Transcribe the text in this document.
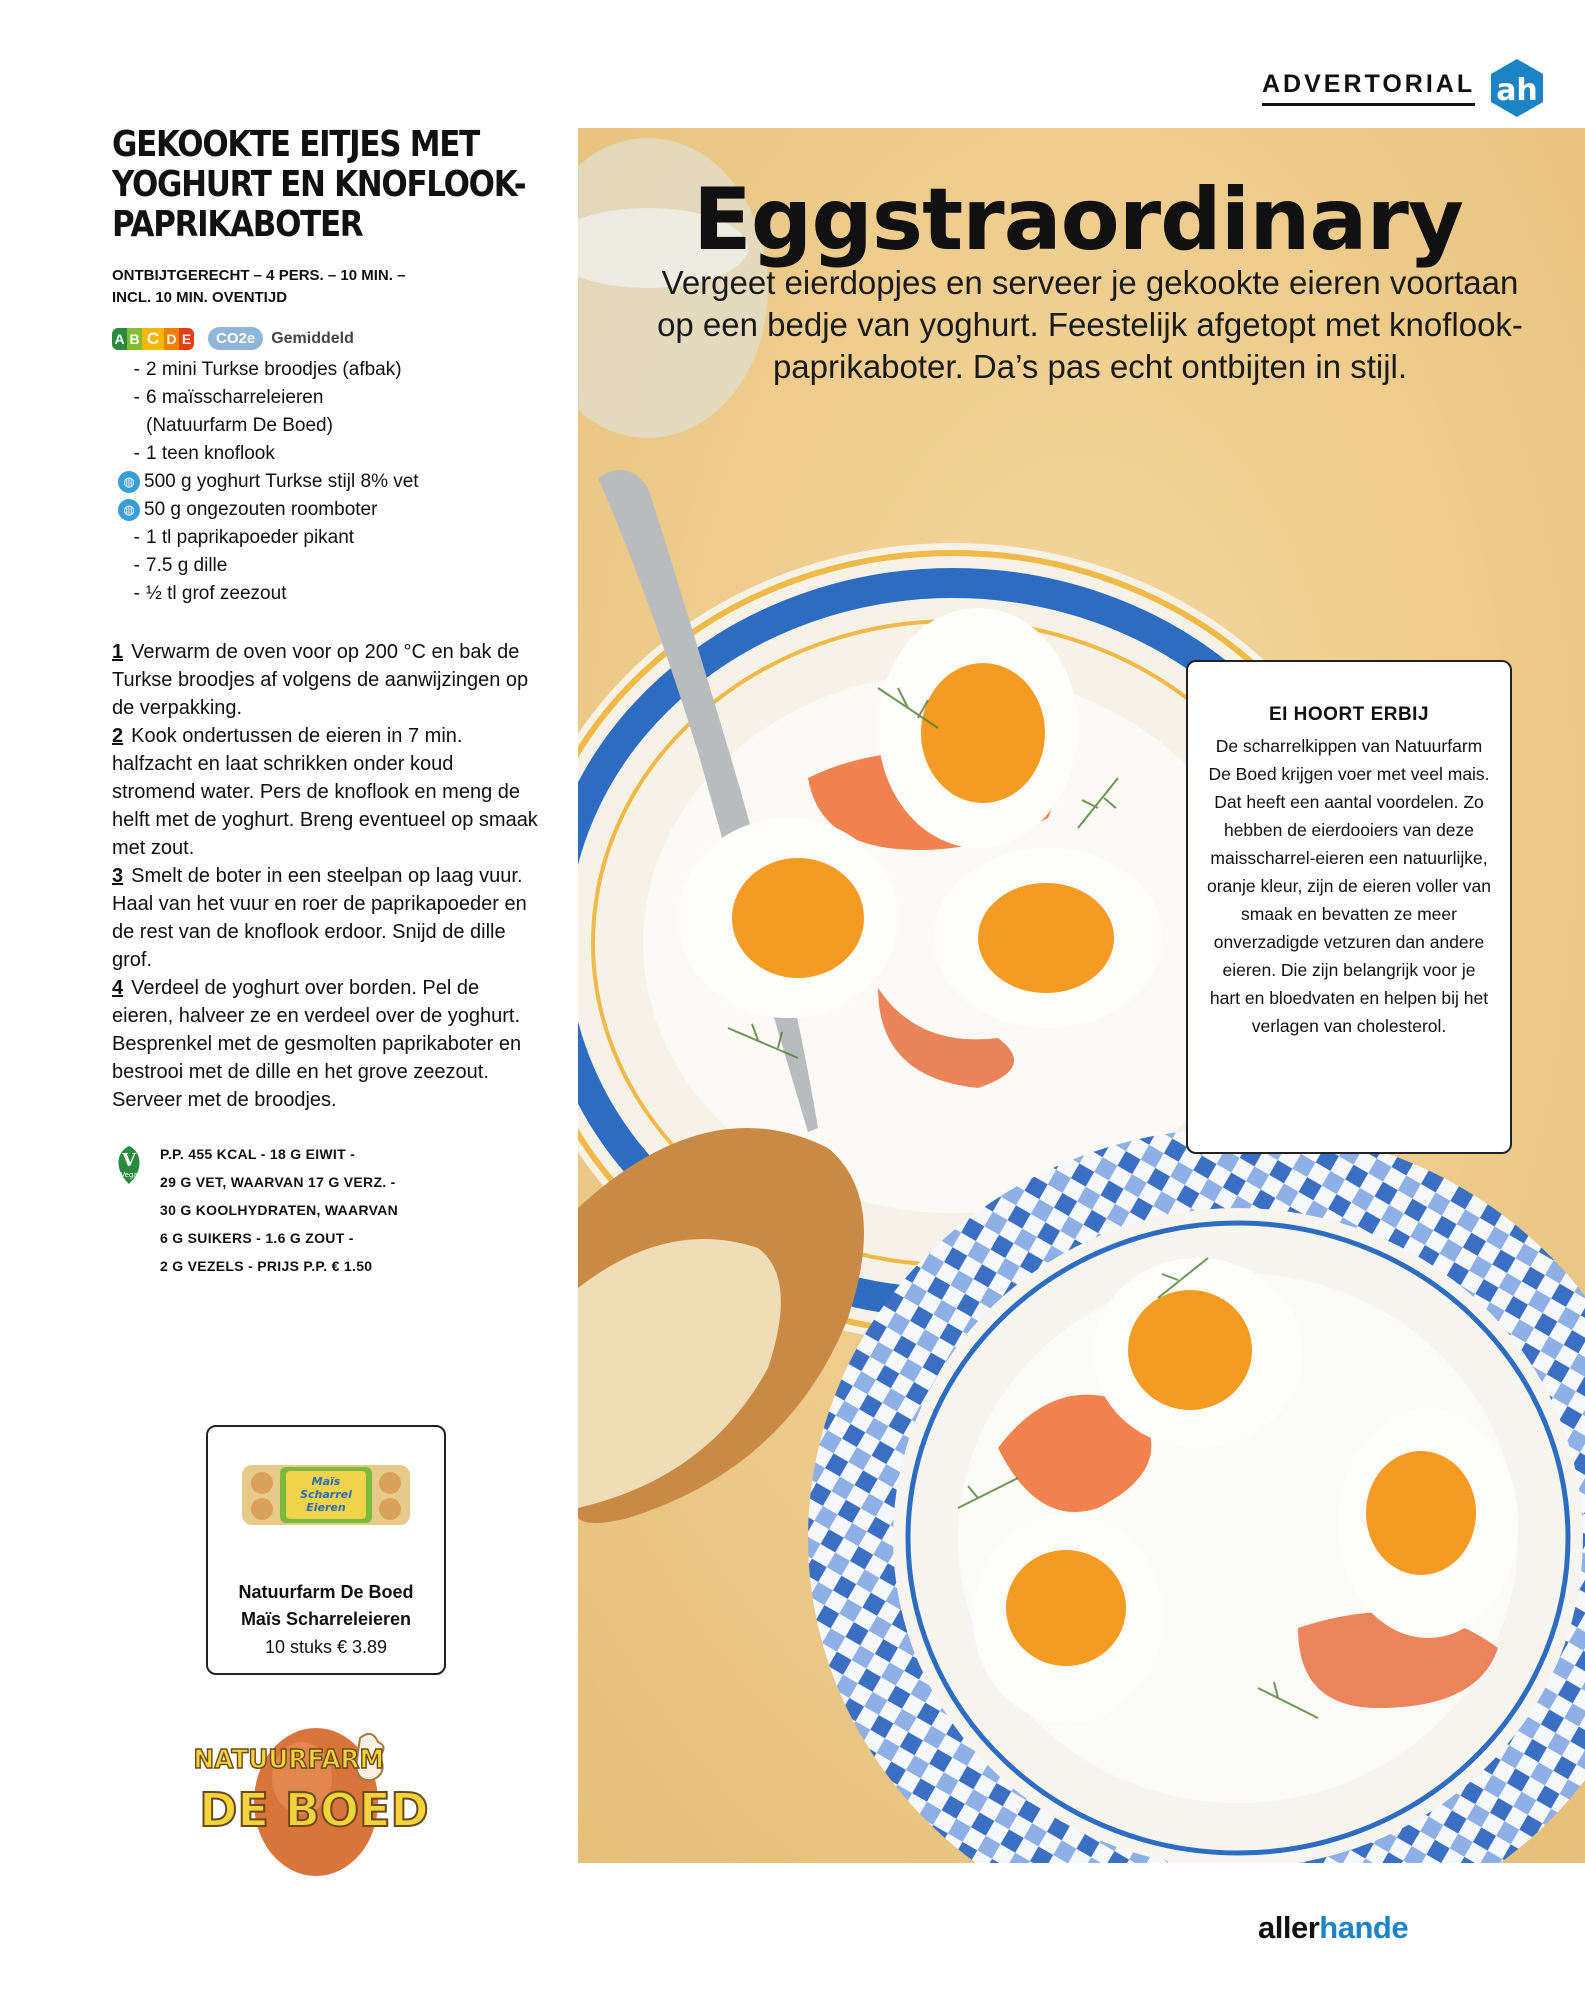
ADVERTORIAL ah
GEKOOKTE EITJES MET YOGHURT EN KNOFLOOK-PAPRIKABOTER
ONTBIJTGERECHT – 4 PERS. – 10 MIN. –
INCL. 10 MIN. OVENTIJD
A B C D E	CO2e	Gemiddeld
- 2 mini Turkse broodjes (afbak)
- 6 maïsscharreleieren
(Natuurfarm De Boed)
- 1 teen knoflook
◍ 500 g yoghurt Turkse stijl 8% vet
◍ 50 g ongezouten roomboter
- 1 tl paprikapoeder pikant
- 7.5 g dille
- ½ tl grof zeezout
1 Verwarm de oven voor op 200 °C en bak de Turkse broodjes af volgens de aanwijzingen op de verpakking.
2 Kook ondertussen de eieren in 7 min. halfzacht en laat schrikken onder koud stromend water. Pers de knoflook en meng de helft met de yoghurt. Breng eventueel op smaak met zout.
3 Smelt de boter in een steelpan op laag vuur. Haal van het vuur en roer de paprikapoeder en de rest van de knoflook erdoor. Snijd de dille grof.
4 Verdeel de yoghurt over borden. Pel de eieren, halveer ze en verdeel over de yoghurt. Besprenkel met de gesmolten paprikaboter en bestrooi met de dille en het grove zeezout. Serveer met de broodjes.
V
Vega
P.P. 455 KCAL - 18 G EIWIT -
29 G VET, WAARVAN 17 G VERZ. -
30 G KOOLHYDRATEN, WAARVAN
6 G SUIKERS - 1.6 G ZOUT -
2 G VEZELS - PRIJS P.P. € 1.50
Maïs
Scharrel
Eieren
Natuurfarm De Boed
Maïs Scharreleieren
10 stuks € 3.89
NATUURFARM
DE BOED
Eggstraordinary
Vergeet eierdopjes en serveer je gekookte eieren voortaan op een bedje van yoghurt. Feestelijk afgetopt met knoflook-paprikaboter. Da’s pas echt ontbijten in stijl.
EI HOORT ERBIJ
De scharrelkippen van Natuurfarm De Boed krijgen voer met veel mais. Dat heeft een aantal voordelen. Zo hebben de eierdooiers van deze maisscharrel-eieren een natuurlijke, oranje kleur, zijn de eieren voller van smaak en bevatten ze meer onverzadigde vetzuren dan andere eieren. Die zijn belangrijk voor je hart en bloedvaten en helpen bij het verlagen van cholesterol.
allerhande
